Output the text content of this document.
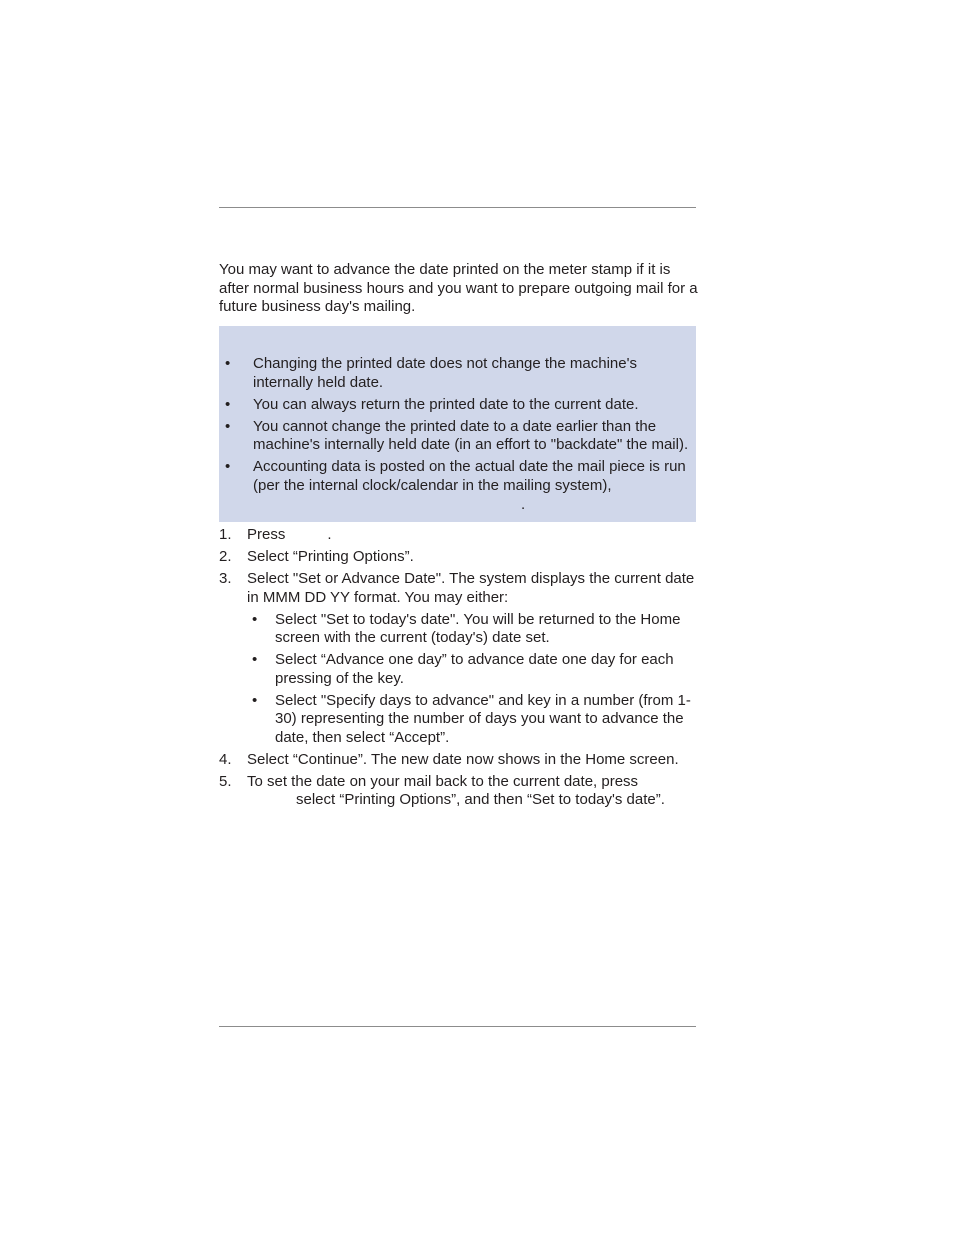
You may want to advance the date printed on the meter stamp if it is after normal business hours and you want to prepare outgoing mail for a future business day's mailing.

• Changing the printed date does not change the machine's internally held date.
• You can always return the printed date to the current date.
• You cannot change the printed date to a date earlier than the machine's internally held date (in an effort to "backdate" the mail).
• Accounting data is posted on the actual date the mail piece is run (per the internal clock/calendar in the mailing system),
.
1. Press	.
2. Select “Printing Options”.
3. Select "Set or Advance Date". The system displays the current date in MMM DD YY format. You may either:
• Select "Set to today's date". You will be returned to the Home screen with the current (today's) date set.
• Select “Advance one day” to advance date one day for each pressing of the key.
• Select "Specify days to advance" and key in a number (from 1-30) representing the number of days you want to advance the date, then select “Accept”.
4. Select “Continue”. The new date now shows in the Home screen.
5. To set the date on your mail back to the current date, press
select “Printing Options”, and then “Set to today's date”.
